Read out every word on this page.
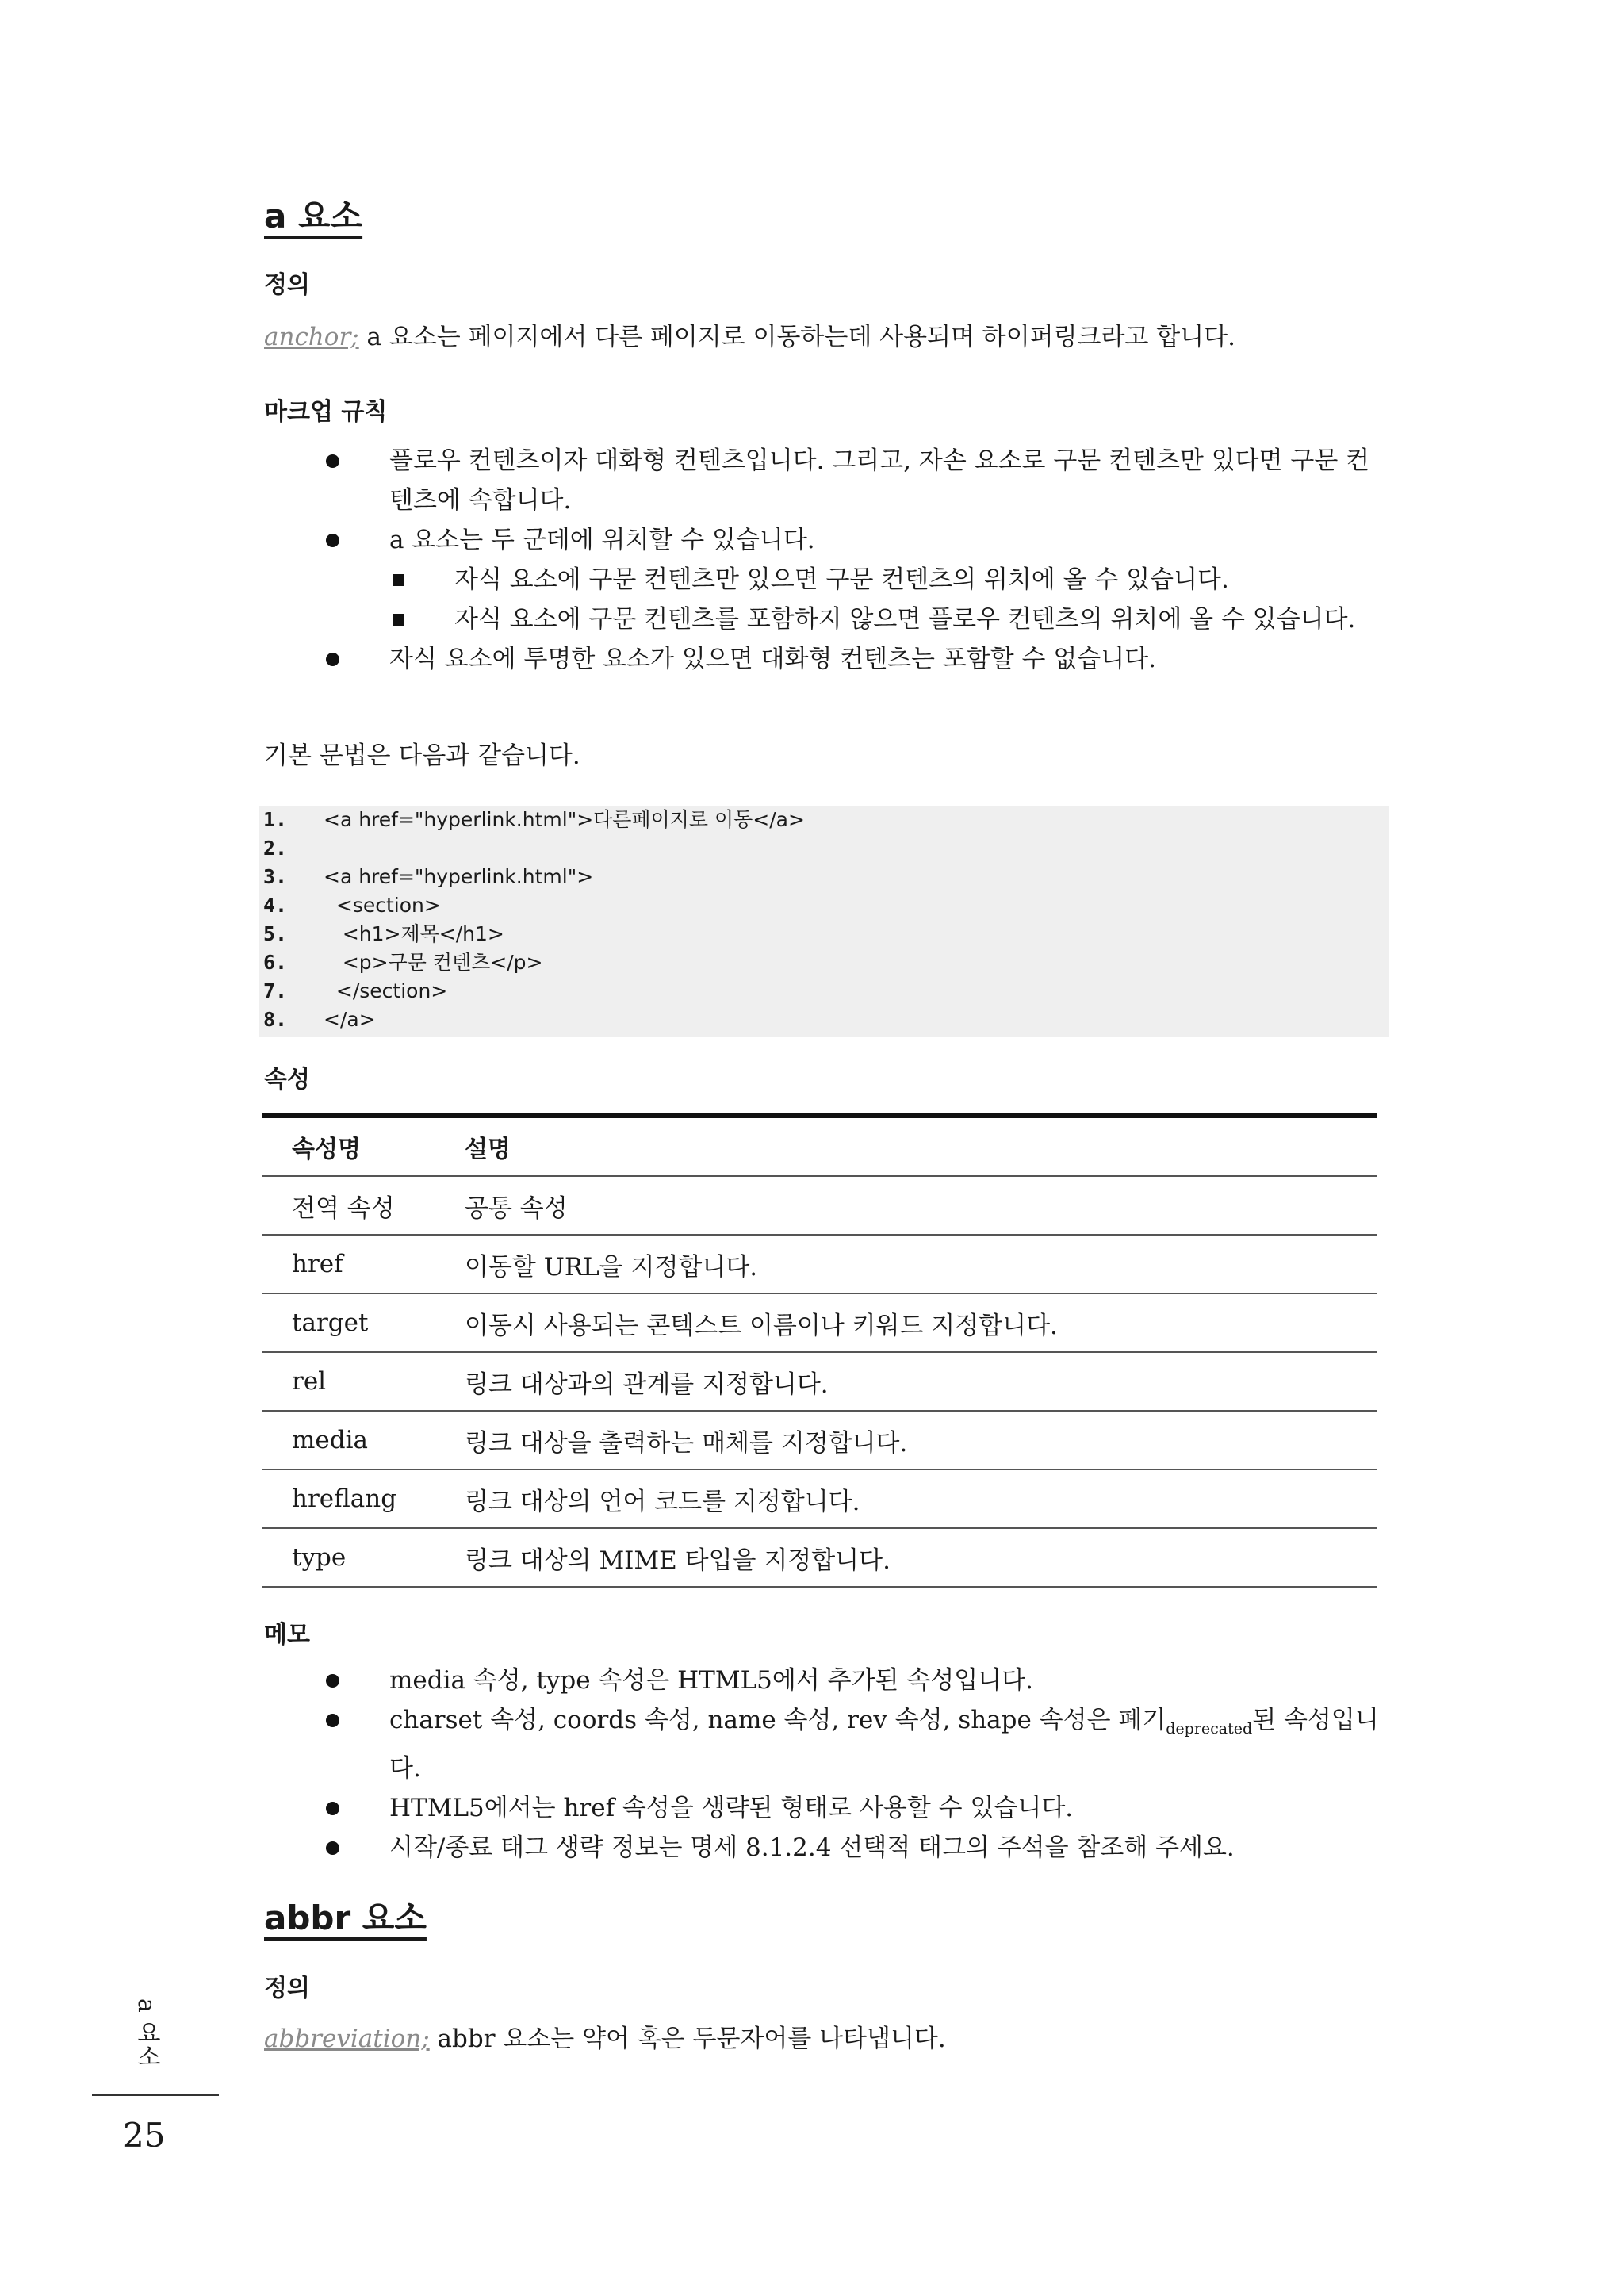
a 요소
정의
anchor; a 요소는 페이지에서 다른 페이지로 이동하는데 사용되며 하이퍼링크라고 합니다.
마크업 규칙
플로우 컨텐츠이자 대화형 컨텐츠입니다. 그리고, 자손 요소로 구문 컨텐츠만 있다면 구문 컨텐츠에 속합니다.
a 요소는 두 군데에 위치할 수 있습니다.
자식 요소에 구문 컨텐츠만 있으면 구문 컨텐츠의 위치에 올 수 있습니다.
자식 요소에 구문 컨텐츠를 포함하지 않으면 플로우 컨텐츠의 위치에 올 수 있습니다.
자식 요소에 투명한 요소가 있으면 대화형 컨텐츠는 포함할 수 없습니다.
기본 문법은 다음과 같습니다.
1.	<a href="hyperlink.html">다른페이지로 이동</a>
2.
3.	<a href="hyperlink.html">
4.	<section>
5.	<h1>제목</h1>
6.	<p>구문 컨텐츠</p>
7.	</section>
8.	</a>
속성
속성명	설명
전역 속성	공통 속성
href	이동할 URL을 지정합니다.
target	이동시 사용되는 콘텍스트 이름이나 키워드 지정합니다.
rel	링크 대상과의 관계를 지정합니다.
media	링크 대상을 출력하는 매체를 지정합니다.
hreflang	링크 대상의 언어 코드를 지정합니다.
type	링크 대상의 MIME 타입을 지정합니다.
메모
media 속성, type 속성은 HTML5에서 추가된 속성입니다.
charset 속성, coords 속성, name 속성, rev 속성, shape 속성은 폐기$_{deprecated}$된 속성입니다.
HTML5에서는 href 속성을 생략된 형태로 사용할 수 있습니다.
시작/종료 태그 생략 정보는 명세 8.1.2.4 선택적 태그의 주석을 참조해 주세요.
abbr 요소
정의
abbreviation; abbr 요소는 약어 혹은 두문자어를 나타냅니다.
a 요소
25
